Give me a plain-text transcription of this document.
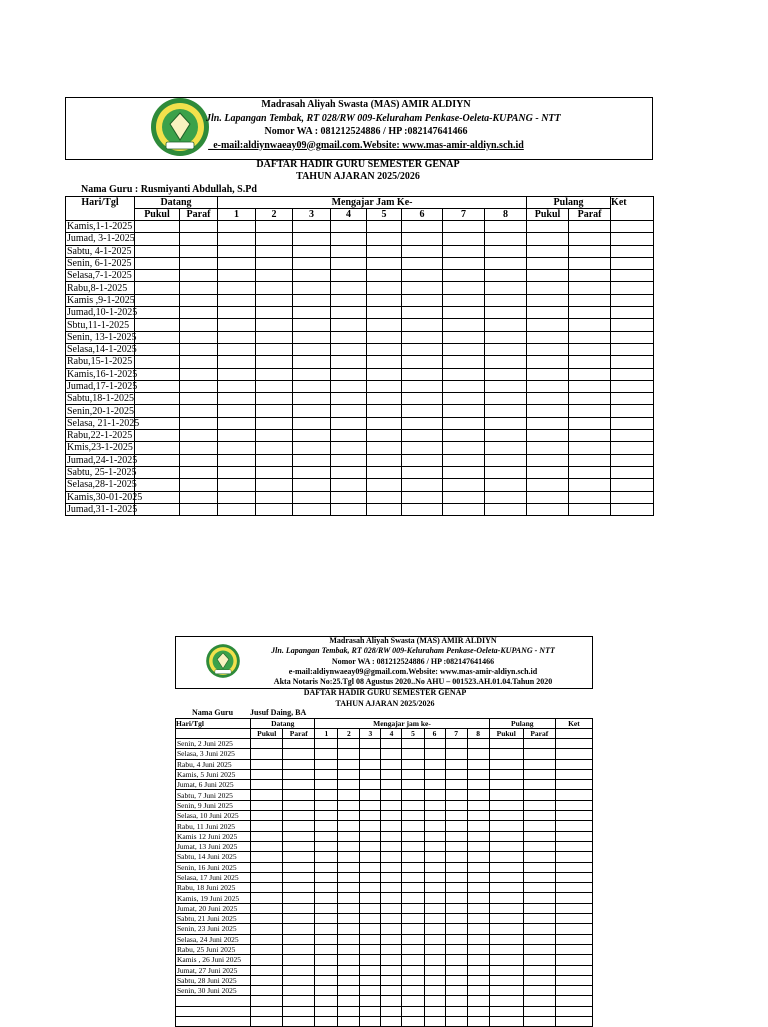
Madrasah Aliyah Swasta (MAS) AMIR ALDIYN
Jln. Lapangan Tembak, RT 028/RW 009-Keluraham Penkase-Oeleta-KUPANG - NTT
Nomor WA : 081212524886 / HP :082147641466
_e-mail:aldiynwaeay09@gmail.com.Website: www.mas-amir-aldiyn.sch.id
DAFTAR HADIR GURU SEMESTER GENAP
TAHUN AJARAN 2025/2026
Nama Guru : Rusmiyanti Abdullah, S.Pd
Hari/Tgl	Datang		Mengajar Jam Ke-								Pulang		Ket
	Pukul	Paraf	1	2	3	4	5	6	7	8	Pukul	Paraf	
Kamis,1-1-2025													
Jumad, 3-1-2025													
Sabtu, 4-1-2025													
Senin, 6-1-2025													
Selasa,7-1-2025													
Rabu,8-1-2025													
Kamis ,9-1-2025													
Jumad,10-1-2025													
Sbtu,11-1-2025													
Senin, 13-1-2025													
Selasa,14-1-2025													
Rabu,15-1-2025													
Kamis,16-1-2025													
Jumad,17-1-2025													
Sabtu,18-1-2025													
Senin,20-1-2025													
Selasa, 21-1-2025													
Rabu,22-1-2025													
Kmis,23-1-2025													
Jumad,24-1-2025													
Sabtu, 25-1-2025													
Selasa,28-1-2025													
Kamis,30-01-2025													
Jumad,31-1-2025													
Madrasah Aliyah Swasta (MAS) AMIR ALDIYN
Jln. Lapangan Tembak, RT 028/RW 009-Keluraham Penkase-Oeleta-KUPANG - NTT
Nomor WA : 081212524886 / HP :082147641466
e-mail:aldiynwaeay09@gmail.com.Website: www.mas-amir-aldiyn.sch.id
Akta Notaris No:25.Tgl 08 Agustus 2020..No AHU – 001523.AH.01.04.Tahun 2020
DAFTAR HADIR GURU SEMESTER GENAP
TAHUN AJARAN 2025/2026
Nama Guru Jusuf Daing, BA
Hari/Tgl	Datang		Mengajar jam ke-								Pulang		Ket
	Pukul	Paraf	1	2	3	4	5	6	7	8	Pukul	Paraf	
Senin, 2 Juni 2025													
Selasa, 3 Juni 2025													
Rabu, 4 Juni 2025													
Kamis, 5 Juni 2025													
Jumat, 6 Juni 2025													
Sabtu, 7 Juni 2025													
Senin, 9 Juni 2025													
Selasa, 10 Juni 2025													
Rabu, 11 Juni 2025													
Kamis 12 Juni 2025													
Jumat, 13 Juni 2025													
Sabtu, 14 Juni 2025													
Senin, 16 Juni 2025													
Selasa, 17 Juni 2025													
Rabu, 18 Juni 2025													
Kamis, 19 Juni 2025													
Jumat, 20 Juni 2025													
Sabtu, 21 Juni 2025													
Senin, 23 Juni 2025													
Selasa, 24 Juni 2025													
Rabu, 25 Juni 2025													
Kamis , 26 Juni 2025													
Jumat, 27 Juni 2025													
Sabtu, 28 Juni 2025													
Senin, 30 Juni 2025													
